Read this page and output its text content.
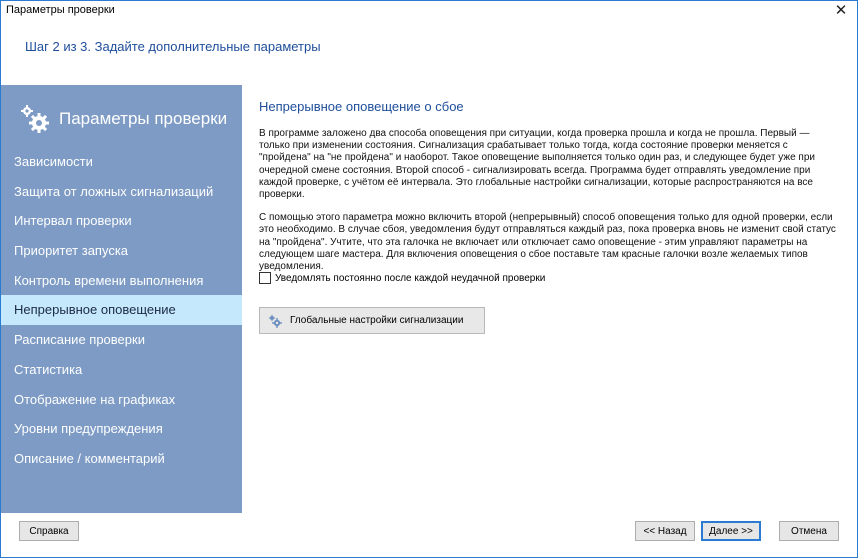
Параметры проверки	✕
Шаг 2 из 3. Задайте дополнительные параметры
Параметры проверки
Зависимости
Защита от ложных сигнализаций
Интервал проверки
Приоритет запуска
Контроль времени выполнения
Непрерывное оповещение
Расписание проверки
Статистика
Отображение на графиках
Уровни предупреждения
Описание / комментарий
Непрерывное оповещение о сбое

В программе заложено два способа оповещения при ситуации, когда проверка прошла и когда не прошла. Первый — только при изменении состояния. Сигнализация срабатывает только тогда, когда состояние проверки меняется с "пройдена" на "не пройдена" и наоборот. Такое оповещение выполняется только один раз, и следующее будет уже при очередной смене состояния. Второй способ - сигнализировать всегда. Программа будет отправлять уведомление при каждой проверке, с учётом её интервала. Это глобальные настройки сигнализации, которые распространяются на все проверки.

С помощью этого параметра можно включить второй (непрерывный) способ оповещения только для одной проверки, если это необходимо. В случае сбоя, уведомления будут отправляться каждый раз, пока проверка вновь не изменит свой статус на "пройдена". Учтите, что эта галочка не включает или отключает само оповещение - этим управляют параметры на следующем шаге мастера. Для включения оповещения о сбое поставьте там красные галочки возле желаемых типов уведомления.

Уведомлять постоянно после каждой неудачной проверки
Глобальные настройки сигнализации
Справка	<< Назад	Далее >>	Отмена
